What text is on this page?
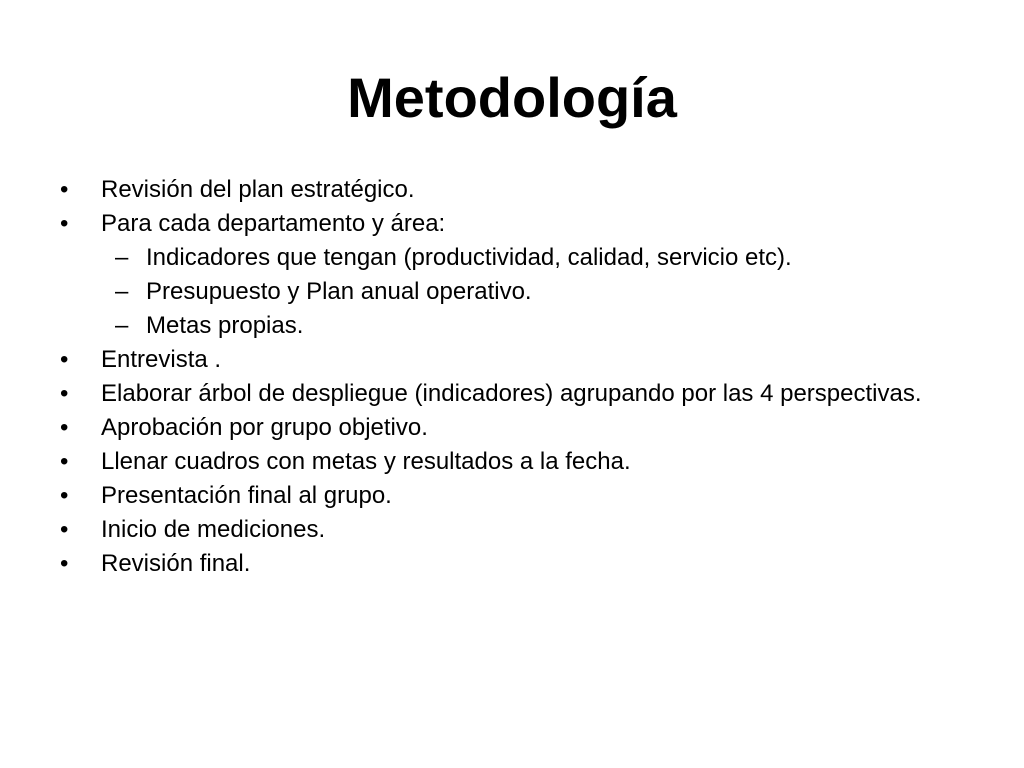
Metodología
•	Revisión del plan estratégico.
•	Para cada departamento y área:
– Indicadores que tengan (productividad, calidad, servicio etc).
– Presupuesto y Plan anual operativo.
– Metas propias.
•	Entrevista .
•	Elaborar árbol de despliegue (indicadores) agrupando por las 4 perspectivas.
•	Aprobación por grupo objetivo.
•	Llenar cuadros con metas y resultados a la fecha.
•	Presentación final al grupo.
•	Inicio de mediciones.
•	Revisión final.
